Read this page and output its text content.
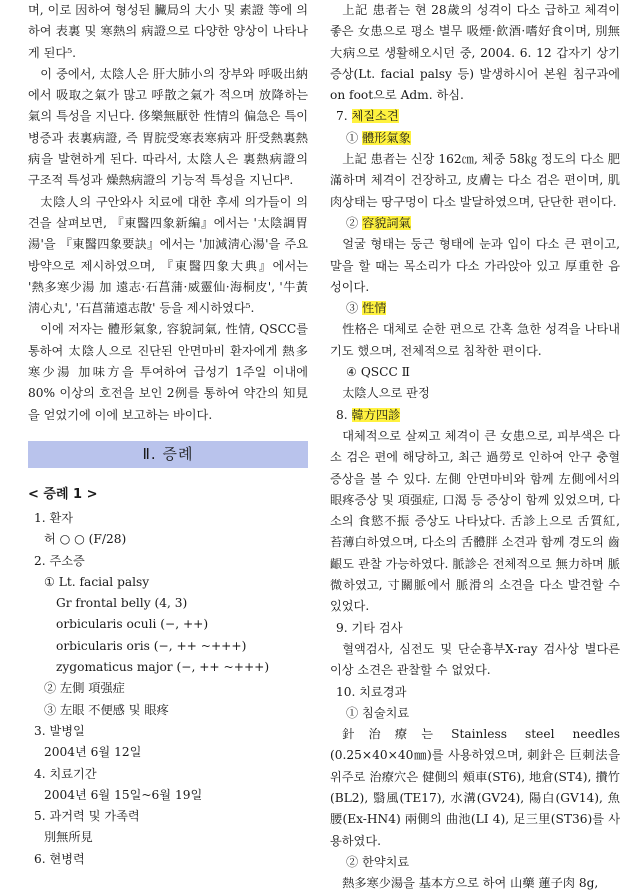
며, 이로 因하여 형성된 臟局의 大小 및 素證 等에 의하여 表裏 및 寒熱의 病證으로 다양한 양상이 나타나게 된다⁵.

이 중에서, 太陰人은 肝大肺小의 장부와 呼吸出納에서 吸取之氣가 많고 呼散之氣가 적으며 放降하는 氣의 특성을 지닌다. 侈樂無厭한 性情의 偏急은 특이병증과 表裏病證, 즉 胃脘受寒表寒病과 肝受熱裏熱病을 발현하게 된다. 따라서, 太陰人은 裏熱病證의 구조적 특성과 燥熱病證의 기능적 특성을 지닌다⁸.

太陰人의 구안와사 치료에 대한 후세 의가들이 의견을 살펴보면, 『東醫四象新編』에서는 '太陰調胃湯'을 『東醫四象要訣』에서는 '加減淸心湯'을 주요 방약으로 제시하였으며, 『東醫四象大典』에서는 '熱多寒少湯 加 遠志·石菖蒲·威靈仙·海桐皮', '牛黃淸心丸', '石菖蒲遠志散' 등을 제시하였다⁵.

이에 저자는 體形氣象, 容貌詞氣, 性情, QSCC를 통하여 太陰人으로 진단된 안면마비 환자에게 熱多寒少湯 加味方을 투여하여 급성기 1주일 이내에 80% 이상의 호전을 보인 2例를 통하여 약간의 知見을 얻었기에 이에 보고하는 바이다.

Ⅱ. 증례
< 증례 1 >
1. 환자
허 ○ ○ (F/28)
2. 주소증
① Lt. facial palsy
Gr frontal belly (4, 3)
orbicularis oculi (−, ++)
orbicularis oris (−, ++ ~+++)
zygomaticus major (−, ++ ~+++)
② 左側 項强症
③ 左眼 不便感 및 眼疼
3. 발병일
2004년 6월 12일
4. 치료기간
2004년 6월 15일~6월 19일
5. 과거력 및 가족력
別無所見
6. 현병력

上記 患者는 현 28歲의 성격이 다소 급하고 체격이 좋은 女患으로 평소 별무 吸煙·飮酒·嗜好食이며, 別無大病으로 생활해오시던 중, 2004. 6. 12 갑자기 상기 증상(Lt. facial palsy 등) 발생하시어 본원 침구과에 on foot으로 Adm. 하심.

7. 체질소견

① 體形氣象

上記 患者는 신장 162㎝, 체중 58㎏ 정도의 다소 肥滿하며 체격이 건장하고, 皮膚는 다소 검은 편이며, 肌肉상태는 땅구멍이 다소 발달하였으며, 단단한 편이다.

② 容貌詞氣

얼굴 형태는 둥근 형태에 눈과 입이 다소 큰 편이고, 말을 할 때는 목소리가 다소 가라앉아 있고 厚重한 음성이다.

③ 性情

性格은 대체로 순한 편으로 간혹 急한 성격을 나타내기도 했으며, 전체적으로 침착한 편이다.

④ QSCC Ⅱ

太陰人으로 판정

8. 韓方四診

대체적으로 살찌고 체격이 큰 女患으로, 피부색은 다소 검은 편에 해당하고, 최근 過勞로 인하여 안구 충혈 증상을 볼 수 있다. 左側 안면마비와 함께 左側에서의 眼疼증상 및 項强症, 口渴 등 증상이 함께 있었으며, 다소의 食慾不振 증상도 나타났다. 舌診上으로 舌質紅, 苔薄白하였으며, 다소의 舌體胖 소견과 함께 경도의 齒齦도 관찰 가능하였다. 脈診은 전체적으로 無力하며 脈微하였고, 寸關脈에서 脈滑의 소견을 다소 발견할 수 있었다.

9. 기타 검사

혈액검사, 심전도 및 단순흉부X-ray 검사상 별다른 이상 소견은 관찰할 수 없었다.

10. 치료경과

① 침술치료

針治療는 Stainless steel needles (0.25×40×40㎜)를 사용하였으며, 刺針은 巨刺法을 위주로 治療穴은 健側의 頰車(ST6), 地倉(ST4), 攢竹(BL2), 翳風(TE17), 水溝(GV24), 陽白(GV14), 魚腰(Ex-HN4) 兩側의 曲池(LI 4), 足三里(ST36)를 사용하였다.

② 한약치료

熱多寒少湯을 基本方으로 하여 山藥 蓮子肉 8g,
